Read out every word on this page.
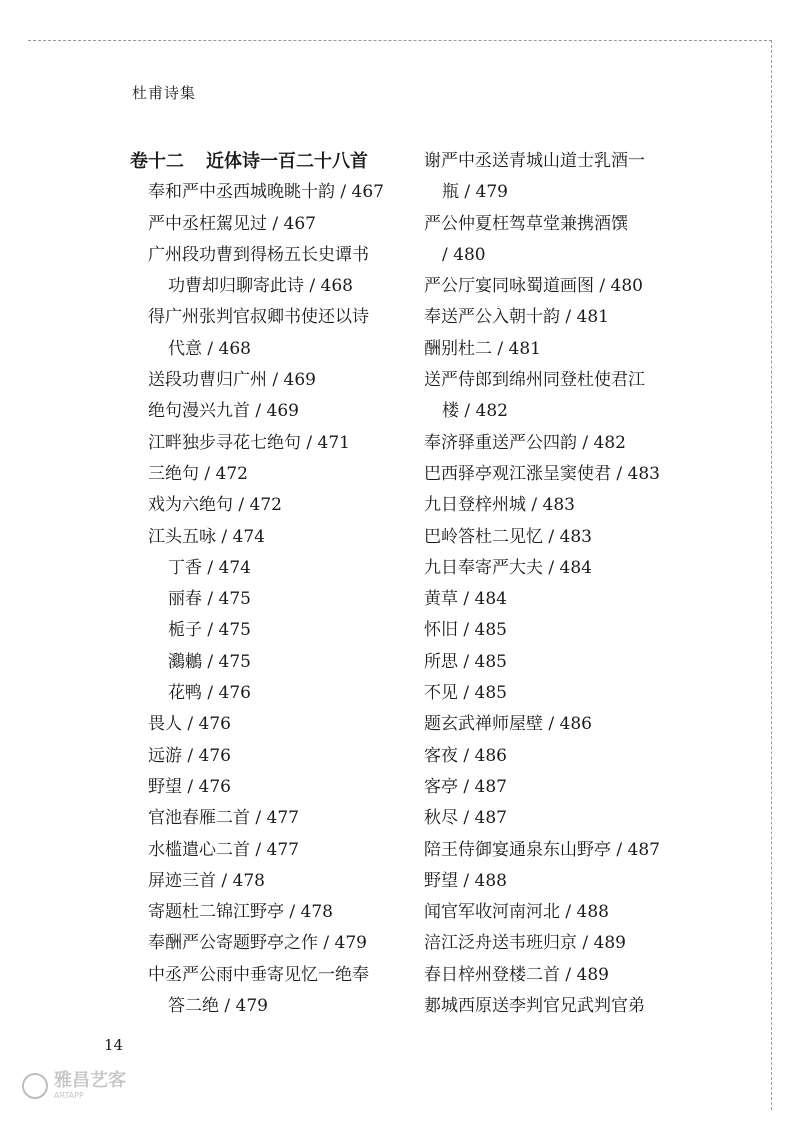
杜甫诗集
卷十二 近体诗一百二十八首
奉和严中丞西城晚眺十韵 / 467
严中丞枉駕见过 / 467
广州段功曹到得杨五长史谭书
功曹却归聊寄此诗 / 468
得广州张判官叔卿书使还以诗
代意 / 468
送段功曹归广州 / 469
绝句漫兴九首 / 469
江畔独步寻花七绝句 / 471
三绝句 / 472
戏为六绝句 / 472
江头五咏 / 474
丁香 / 474
丽春 / 475
栀子 / 475
鸂鶒 / 475
花鸭 / 476
畏人 / 476
远游 / 476
野望 / 476
官池春雁二首 / 477
水槛遣心二首 / 477
屏迹三首 / 478
寄题杜二锦江野亭 / 478
奉酬严公寄题野亭之作 / 479
中丞严公雨中垂寄见忆一绝奉
答二绝 / 479
谢严中丞送青城山道士乳酒一
瓶 / 479
严公仲夏枉驾草堂兼携酒馔
/ 480
严公厅宴同咏蜀道画图 / 480
奉送严公入朝十韵 / 481
酬别杜二 / 481
送严侍郎到绵州同登杜使君江
楼 / 482
奉济驿重送严公四韵 / 482
巴西驿亭观江涨呈窦使君 / 483
九日登梓州城 / 483
巴岭答杜二见忆 / 483
九日奉寄严大夫 / 484
黄草 / 484
怀旧 / 485
所思 / 485
不见 / 485
题玄武禅师屋壁 / 486
客夜 / 486
客亭 / 487
秋尽 / 487
陪王侍御宴通泉东山野亭 / 487
野望 / 488
闻官军收河南河北 / 488
涪江泛舟送韦班归京 / 489
春日梓州登楼二首 / 489
郪城西原送李判官兄武判官弟
14
雅昌艺客
ARTAPP
